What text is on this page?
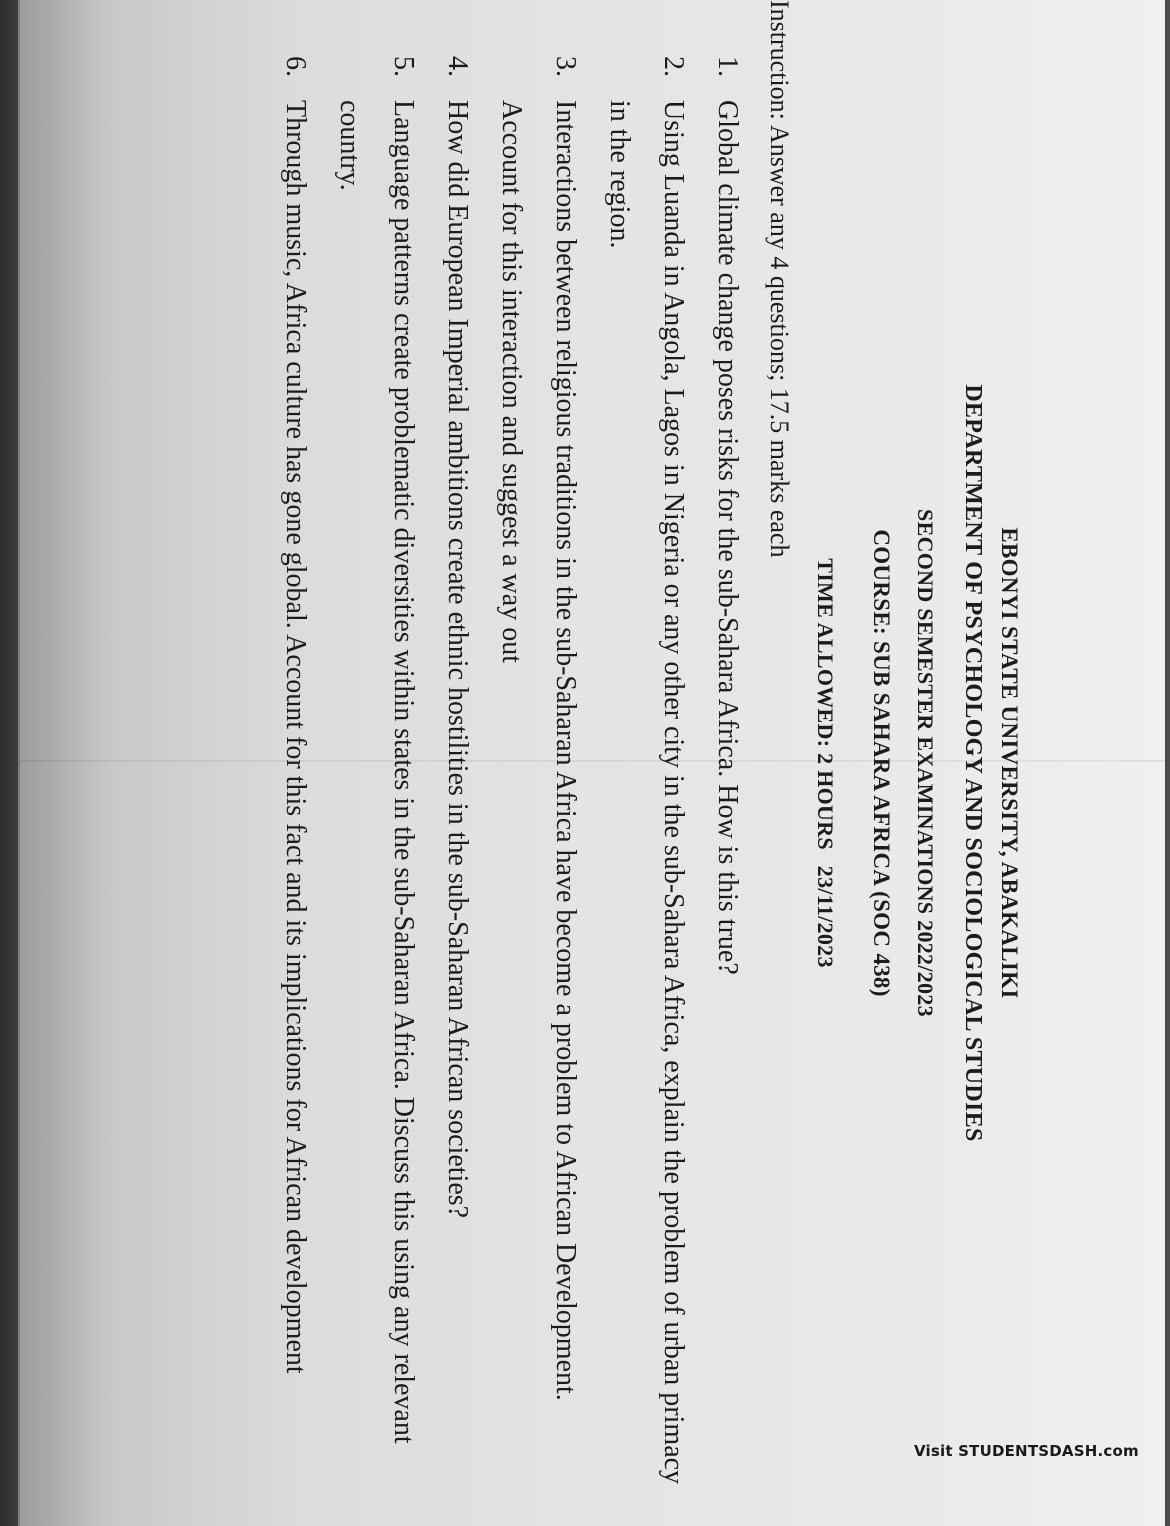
EBONYI STATE UNIVERSITY, ABAKALIKI

DEPARTMENT OF PSYCHOLOGY AND SOCIOLOGICAL STUDIES

SECOND SEMESTER EXAMINATIONS 2022/2023

COURSE: SUB SAHARA AFRICA (SOC 438)

TIME ALLOWED: 2 HOURS 23/11/2023

Instruction: Answer any 4 questions; 17.5 marks each
1.
Global climate change poses risks for the sub-Sahara Africa. How is this true?
2.
Using Luanda in Angola, Lagos in Nigeria or any other city in the sub-Sahara Africa, explain the problem of urban primacy in the region.
3.
Interactions between religious traditions in the sub-Saharan Africa have become a problem to African Development. Account for this interaction and suggest a way out
4.
How did European Imperial ambitions create ethnic hostilities in the sub-Saharan African societies?
5.
Language patterns create problematic diversities within states in the sub-Saharan Africa. Discuss this using any relevant country.
6.
Through music, Africa culture has gone global. Account for this fact and its implications for African development
Visit STUDENTSDASH.com
